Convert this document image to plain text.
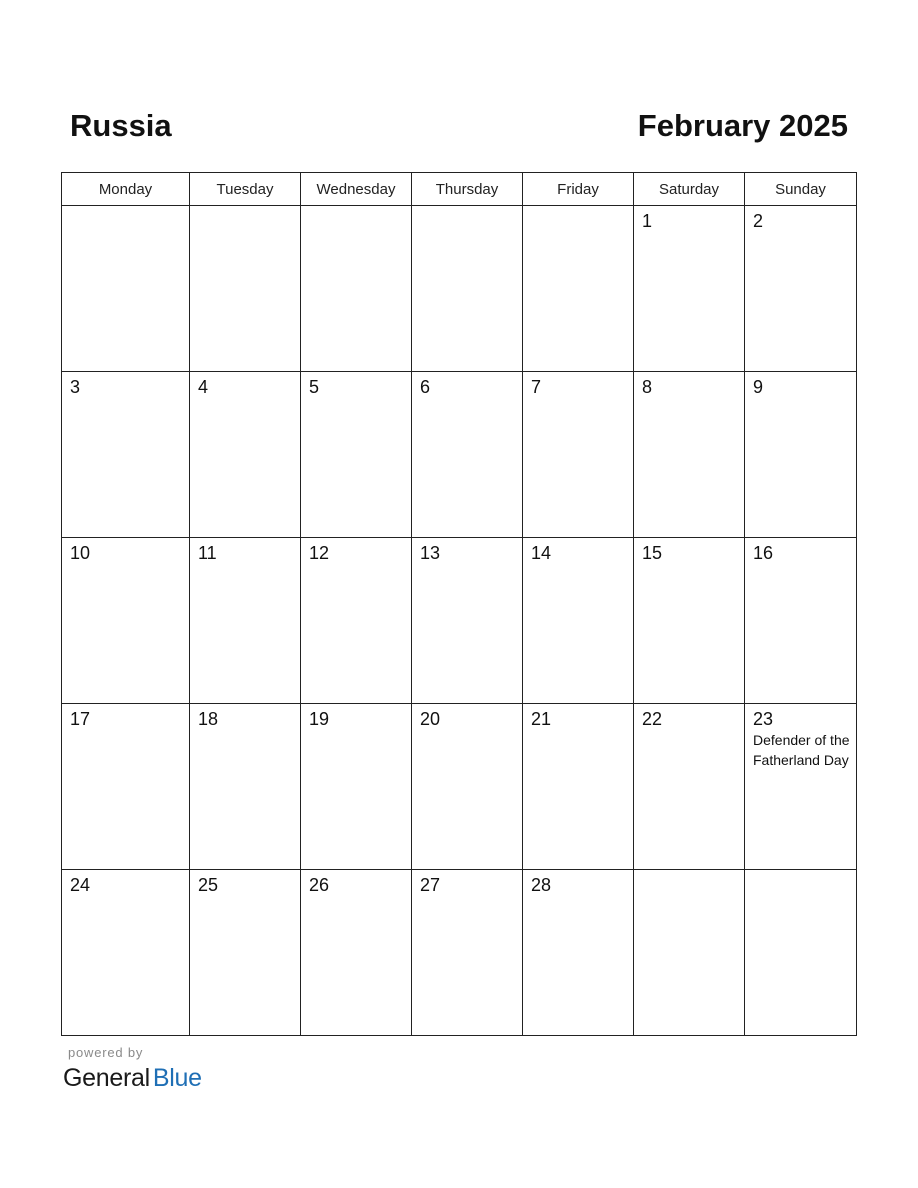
Russia	February 2025
Monday	Tuesday	Wednesday	Thursday	Friday	Saturday	Sunday

					1	2

3	4	5	6	7	8	9

10	11	12	13	14	15	16

17	18	19	20	21	22	23
Defender of the Fatherland Day

24	25	26	27	28		

powered by
General Blue
